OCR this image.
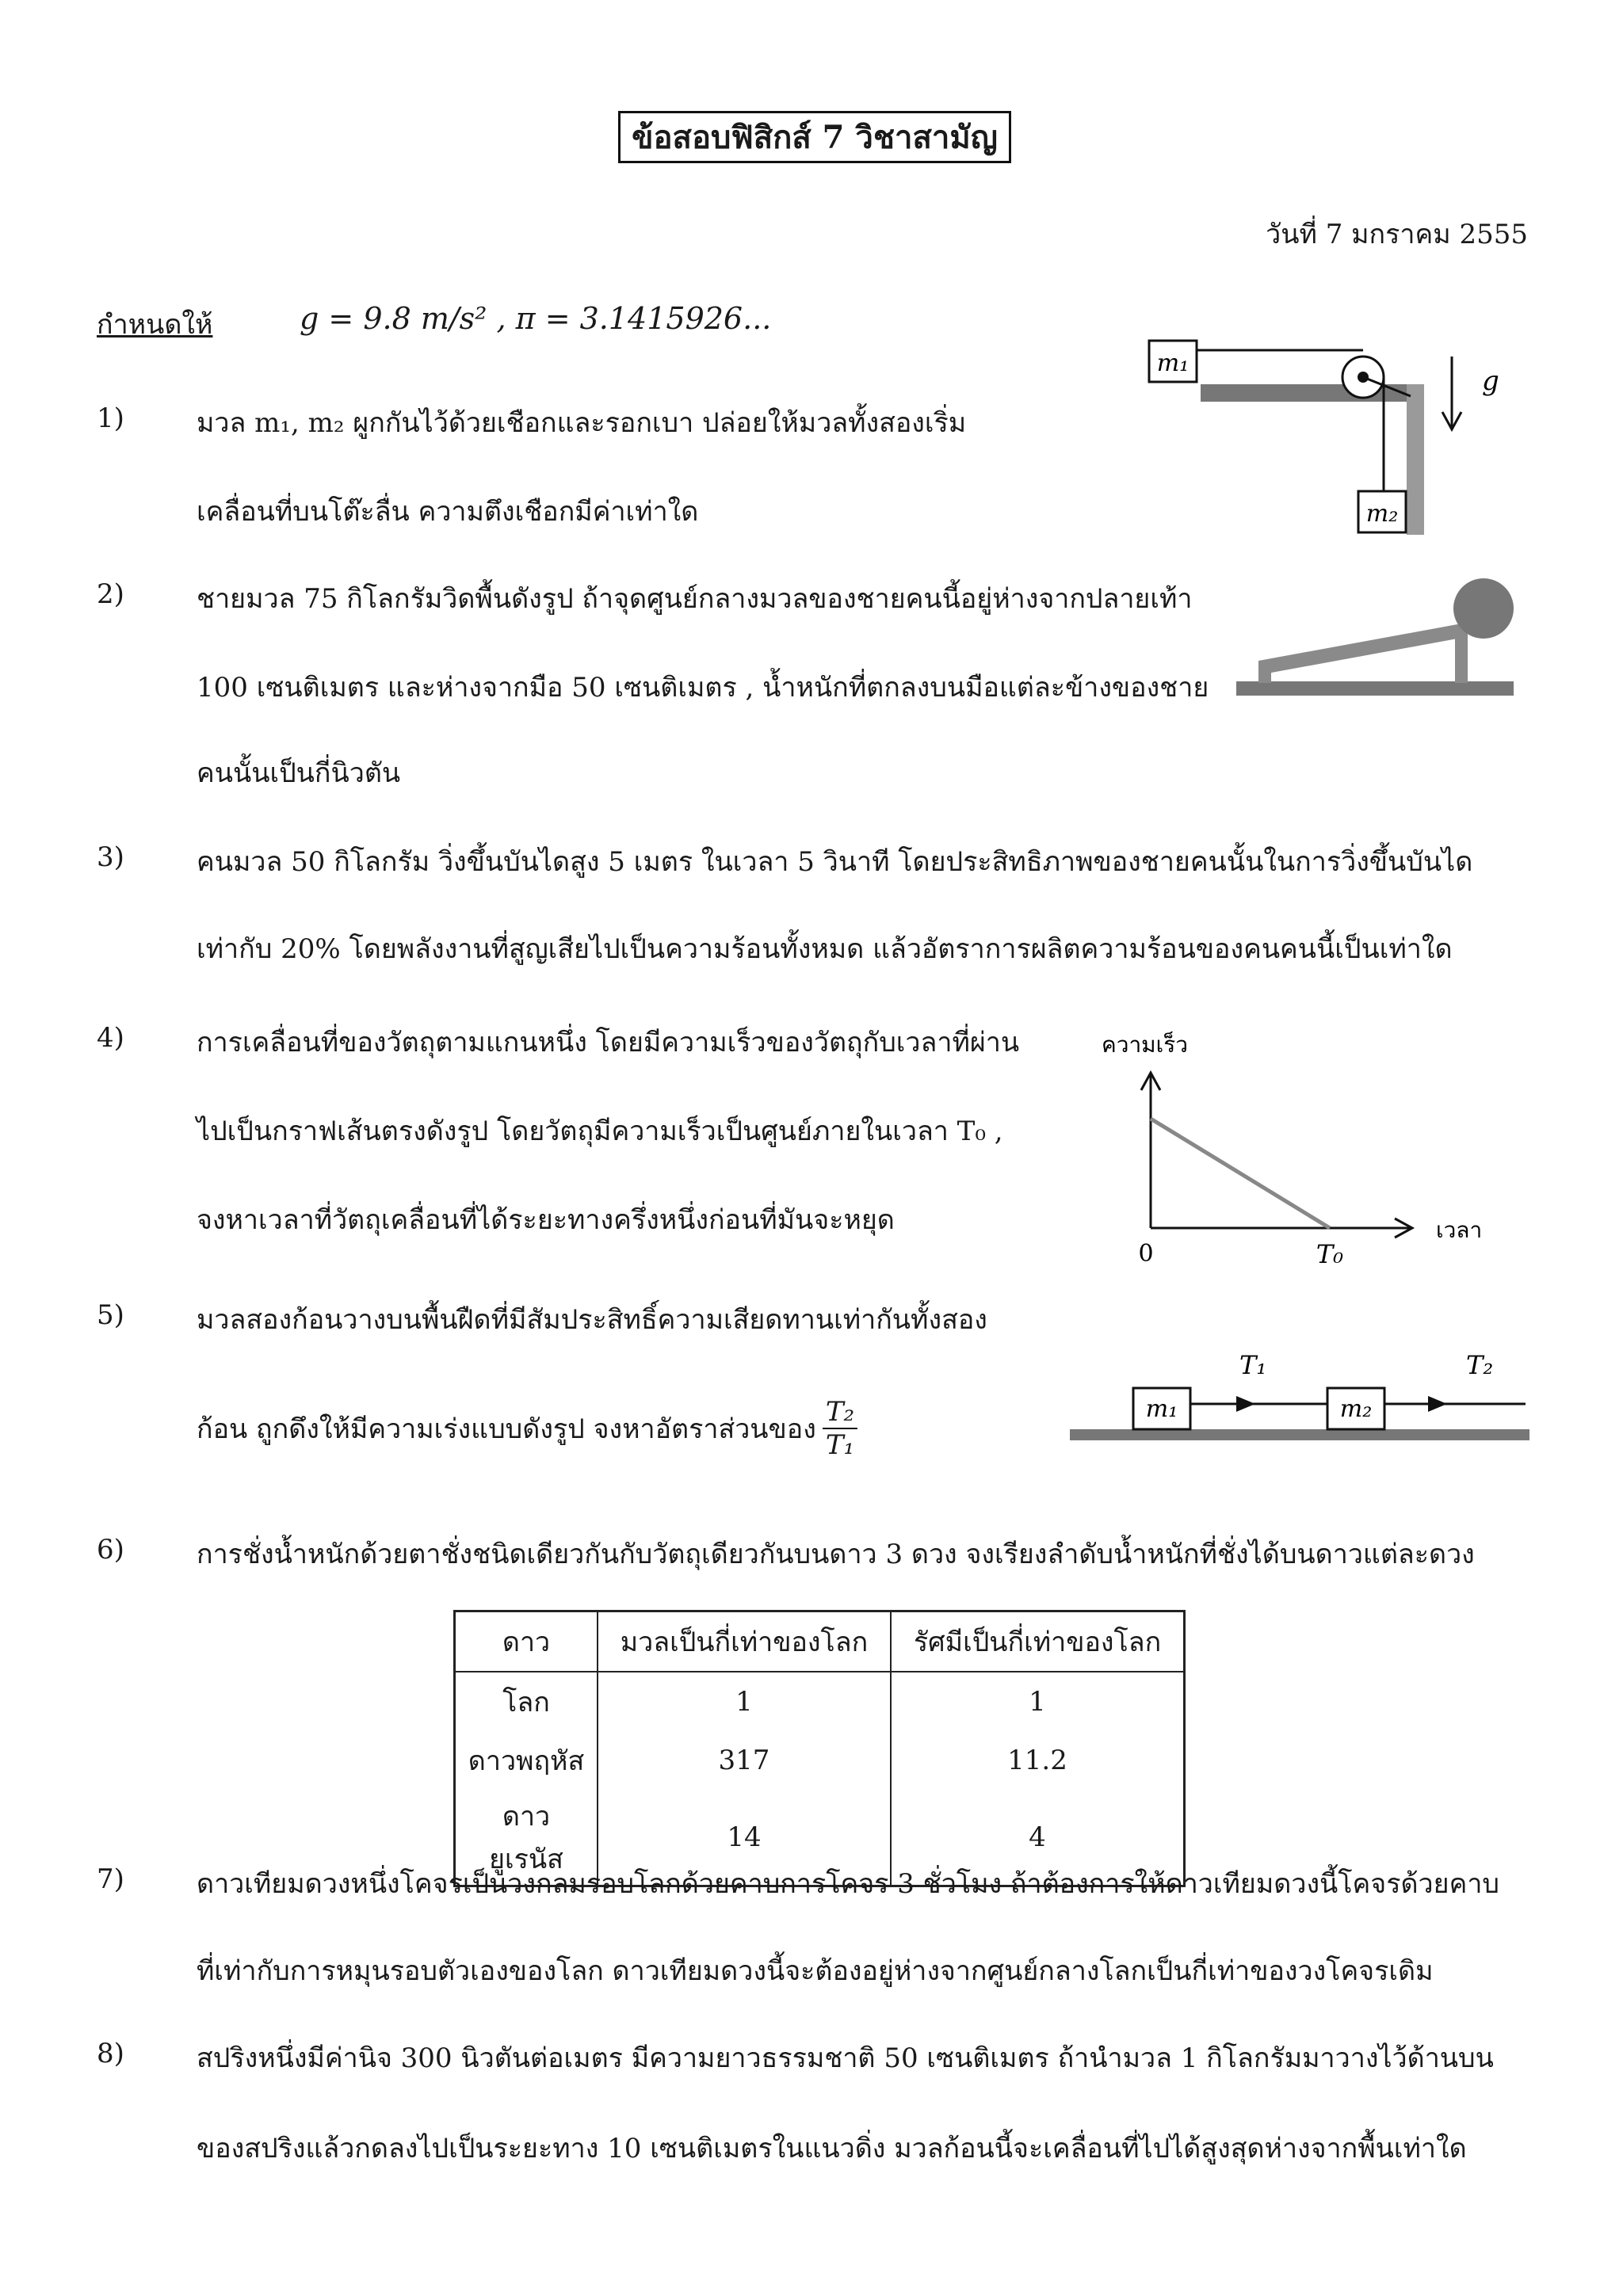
ข้อสอบฟิสิกส์ 7 วิชาสามัญ
วันที่ 7 มกราคม 2555
กำหนดให้	g = 9.8 m/s² , π = 3.1415926...
1)	มวล m₁, m₂ ผูกกันไว้ด้วยเชือกและรอกเบา ปล่อยให้มวลทั้งสองเริ่ม
เคลื่อนที่บนโต๊ะลื่น ความตึงเชือกมีค่าเท่าใด
m₁
m₂
g
2)	ชายมวล 75 กิโลกรัมวิดพื้นดังรูป ถ้าจุดศูนย์กลางมวลของชายคนนี้อยู่ห่างจากปลายเท้า
100 เซนติเมตร และห่างจากมือ 50 เซนติเมตร , น้ำหนักที่ตกลงบนมือแต่ละข้างของชาย
คนนั้นเป็นกี่นิวตัน
3)	คนมวล 50 กิโลกรัม วิ่งขึ้นบันไดสูง 5 เมตร ในเวลา 5 วินาที โดยประสิทธิภาพของชายคนนั้นในการวิ่งขึ้นบันได
เท่ากับ 20% โดยพลังงานที่สูญเสียไปเป็นความร้อนทั้งหมด แล้วอัตราการผลิตความร้อนของคนคนนี้เป็นเท่าใด
4)	การเคลื่อนที่ของวัตถุตามแกนหนึ่ง โดยมีความเร็วของวัตถุกับเวลาที่ผ่าน
ไปเป็นกราฟเส้นตรงดังรูป โดยวัตถุมีความเร็วเป็นศูนย์ภายในเวลา T₀ ,
จงหาเวลาที่วัตถุเคลื่อนที่ได้ระยะทางครึ่งหนึ่งก่อนที่มันจะหยุด
ความเร็ว
0	T₀
เวลา
5)	มวลสองก้อนวางบนพื้นฝืดที่มีสัมประสิทธิ์ความเสียดทานเท่ากันทั้งสอง
ก้อน ถูกดึงให้มีความเร่งแบบดังรูป จงหาอัตราส่วนของ $\frac{\text{T₂}}{\text{T₁}}$	m₁
T₁
m₂
T₂
6)	การชั่งน้ำหนักด้วยตาชั่งชนิดเดียวกันกับวัตถุเดียวกันบนดาว 3 ดวง จงเรียงลำดับน้ำหนักที่ชั่งได้บนดาวแต่ละดวง
ดาว	มวลเป็นกี่เท่าของโลก	รัศมีเป็นกี่เท่าของโลก
โลก	1	1
ดาวพฤหัส	317	11.2
ดาวยูเรนัส	14	4
7)	ดาวเทียมดวงหนึ่งโคจรเป็นวงกลมรอบโลกด้วยคาบการโคจร 3 ชั่วโมง ถ้าต้องการให้ดาวเทียมดวงนี้โคจรด้วยคาบ
ที่เท่ากับการหมุนรอบตัวเองของโลก ดาวเทียมดวงนี้จะต้องอยู่ห่างจากศูนย์กลางโลกเป็นกี่เท่าของวงโคจรเดิม
8)	สปริงหนึ่งมีค่านิจ 300 นิวตันต่อเมตร มีความยาวธรรมชาติ 50 เซนติเมตร ถ้านำมวล 1 กิโลกรัมมาวางไว้ด้านบน
ของสปริงแล้วกดลงไปเป็นระยะทาง 10 เซนติเมตรในแนวดิ่ง มวลก้อนนี้จะเคลื่อนที่ไปได้สูงสุดห่างจากพื้นเท่าใด
